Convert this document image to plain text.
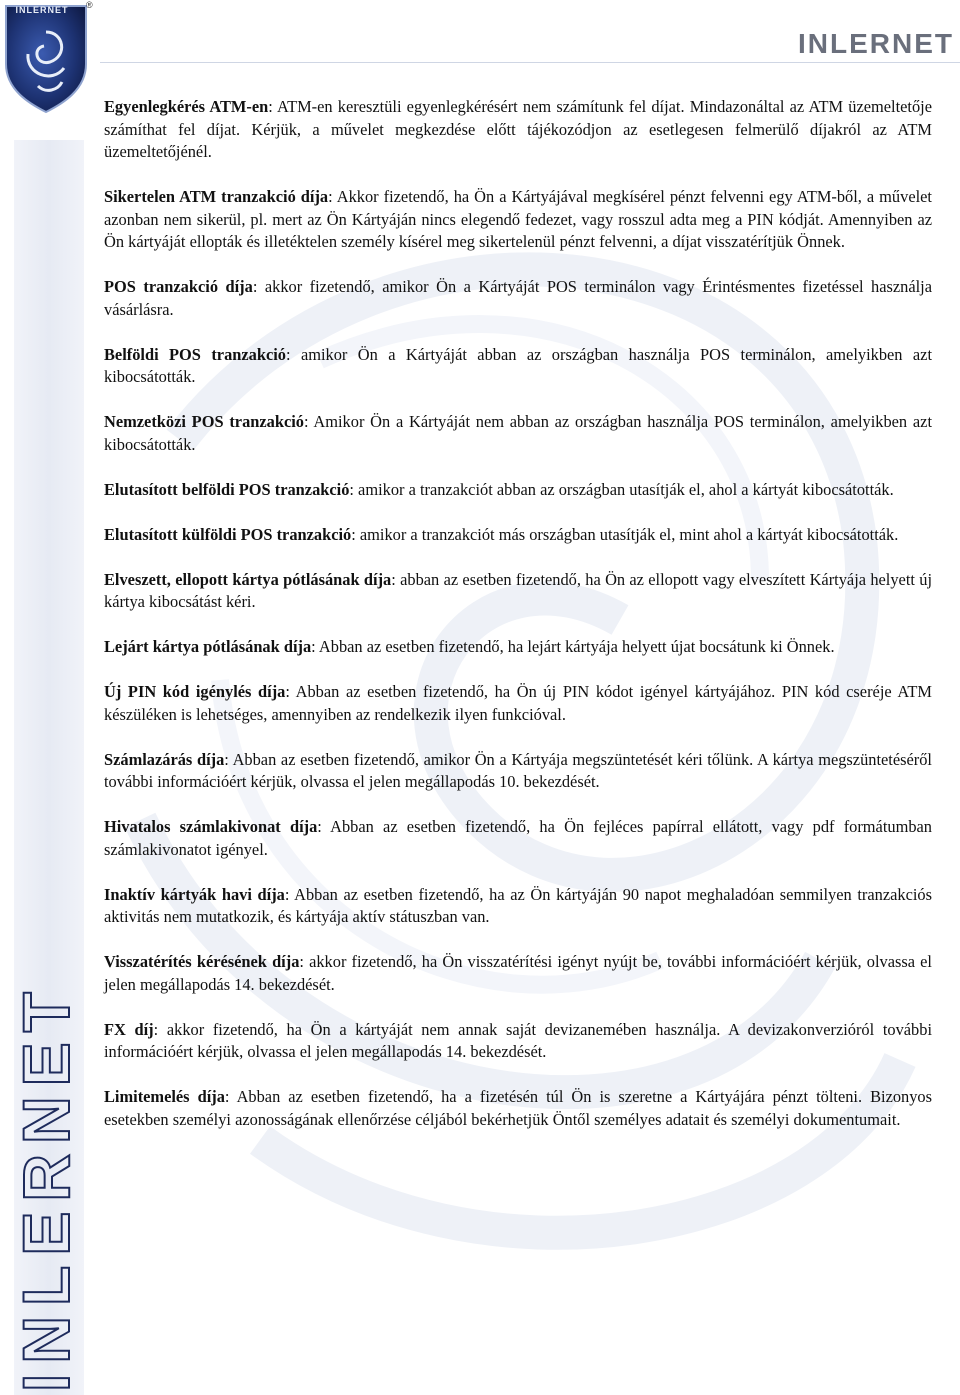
INLERNET
INLERNET	®
INLERNET

Egyenlegkérés ATM-en: ATM-en keresztüli egyenlegkérésért nem számítunk fel díjat. Mindazonáltal az ATM üzemeltetője számíthat fel díjat. Kérjük, a művelet megkezdése előtt tájékozódjon az esetlegesen felmerülő díjakról az ATM üzemeltetőjénél.

Sikertelen ATM tranzakció díja: Akkor fizetendő, ha Ön a Kártyájával megkísérel pénzt felvenni egy ATM-ből, a művelet azonban nem sikerül, pl. mert az Ön Kártyáján nincs elegendő fedezet, vagy rosszul adta meg a PIN kódját. Amennyiben az Ön kártyáját ellopták és illetéktelen személy kísérel meg sikertelenül pénzt felvenni, a díjat visszatérítjük Önnek.

POS tranzakció díja: akkor fizetendő, amikor Ön a Kártyáját POS terminálon vagy Érintésmentes fizetéssel használja vásárlásra.

Belföldi POS tranzakció: amikor Ön a Kártyáját abban az országban használja POS terminálon, amelyikben azt kibocsátották.

Nemzetközi POS tranzakció: Amikor Ön a Kártyáját nem abban az országban használja POS terminálon, amelyikben azt kibocsátották.

Elutasított belföldi POS tranzakció: amikor a tranzakciót abban az országban utasítják el, ahol a kártyát kibocsátották.

Elutasított külföldi POS tranzakció: amikor a tranzakciót más országban utasítják el, mint ahol a kártyát kibocsátották.

Elveszett, ellopott kártya pótlásának díja: abban az esetben fizetendő, ha Ön az ellopott vagy elveszített Kártyája helyett új kártya kibocsátást kéri.

Lejárt kártya pótlásának díja: Abban az esetben fizetendő, ha lejárt kártyája helyett újat bocsátunk ki Önnek.

Új PIN kód igénylés díja: Abban az esetben fizetendő, ha Ön új PIN kódot igényel kártyájához. PIN kód cseréje ATM készüléken is lehetséges, amennyiben az rendelkezik ilyen funkcióval.

Számlazárás díja: Abban az esetben fizetendő, amikor Ön a Kártyája megszüntetését kéri tőlünk. A kártya megszüntetéséről további információért kérjük, olvassa el jelen megállapodás 10. bekezdését.

Hivatalos számlakivonat díja: Abban az esetben fizetendő, ha Ön fejléces papírral ellátott, vagy pdf formátumban számlakivonatot igényel.

Inaktív kártyák havi díja: Abban az esetben fizetendő, ha az Ön kártyáján 90 napot meghaladóan semmilyen tranzakciós aktivitás nem mutatkozik, és kártyája aktív státuszban van.

Visszatérítés kérésének díja: akkor fizetendő, ha Ön visszatérítési igényt nyújt be, további információért kérjük, olvassa el jelen megállapodás 14. bekezdését.

FX díj: akkor fizetendő, ha Ön a kártyáját nem annak saját devizanemében használja. A devizakonverzióról további információért kérjük, olvassa el jelen megállapodás 14. bekezdését.

Limitemelés díja: Abban az esetben fizetendő, ha a fizetésén túl Ön is szeretne a Kártyájára pénzt tölteni. Bizonyos esetekben személyi azonosságának ellenőrzése céljából bekérhetjük Öntől személyes adatait és személyi dokumentumait.
